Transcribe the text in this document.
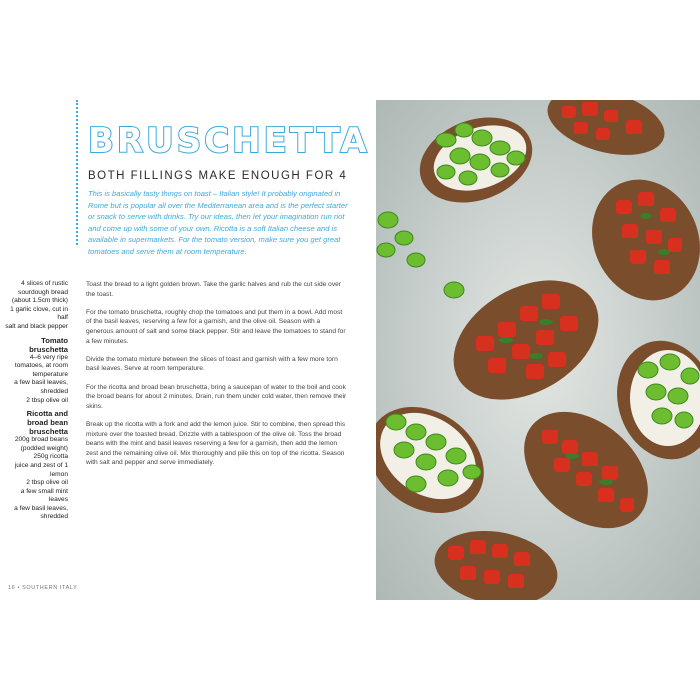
BRUSCHETTA

BOTH FILLINGS MAKE ENOUGH FOR 4

This is basically tasty things on toast – Italian style! It probably originated in Rome but is popular all over the Mediterranean area and is the perfect starter or snack to serve with drinks. Try our ideas, then let your imagination run riot and come up with some of your own. Ricotta is a soft Italian cheese and is available in supermarkets. For the tomato version, make sure you get great tomatoes and serve them at room temperature.

4 slices of rustic sourdough bread (about 1.5cm thick)

1 garlic clove, cut in half

salt and black pepper

Tomato bruschetta

4–6 very ripe tomatoes, at room temperature

a few basil leaves, shredded

2 tbsp olive oil

Ricotta and broad bean bruschetta

200g broad beans (podded weight)

250g ricotta

juice and zest of 1 lemon

2 tbsp olive oil

a few small mint leaves

a few basil leaves, shredded

Toast the bread to a light golden brown. Take the garlic halves and rub the cut side over the toast.

For the tomato bruschetta, roughly chop the tomatoes and put them in a bowl. Add most of the basil leaves, reserving a few for a garnish, and the olive oil. Season with a generous amount of salt and some black pepper. Stir and leave the tomatoes to stand for a few minutes.

Divide the tomato mixture between the slices of toast and garnish with a few more torn basil leaves. Serve at room temperature.

For the ricotta and broad bean bruschetta, bring a saucepan of water to the boil and cook the broad beans for about 2 minutes. Drain, run them under cold water, then remove their skins.

Break up the ricotta with a fork and add the lemon juice. Stir to combine, then spread this mixture over the toasted bread. Drizzle with a tablespoon of the olive oil. Toss the broad beans with the mint and basil leaves reserving a few for a garnish, then add the lemon zest and the remaining olive oil. Mix thoroughly and pile this on top of the ricotta. Season with salt and pepper and serve immediately.

16 • SOUTHERN ITALY
